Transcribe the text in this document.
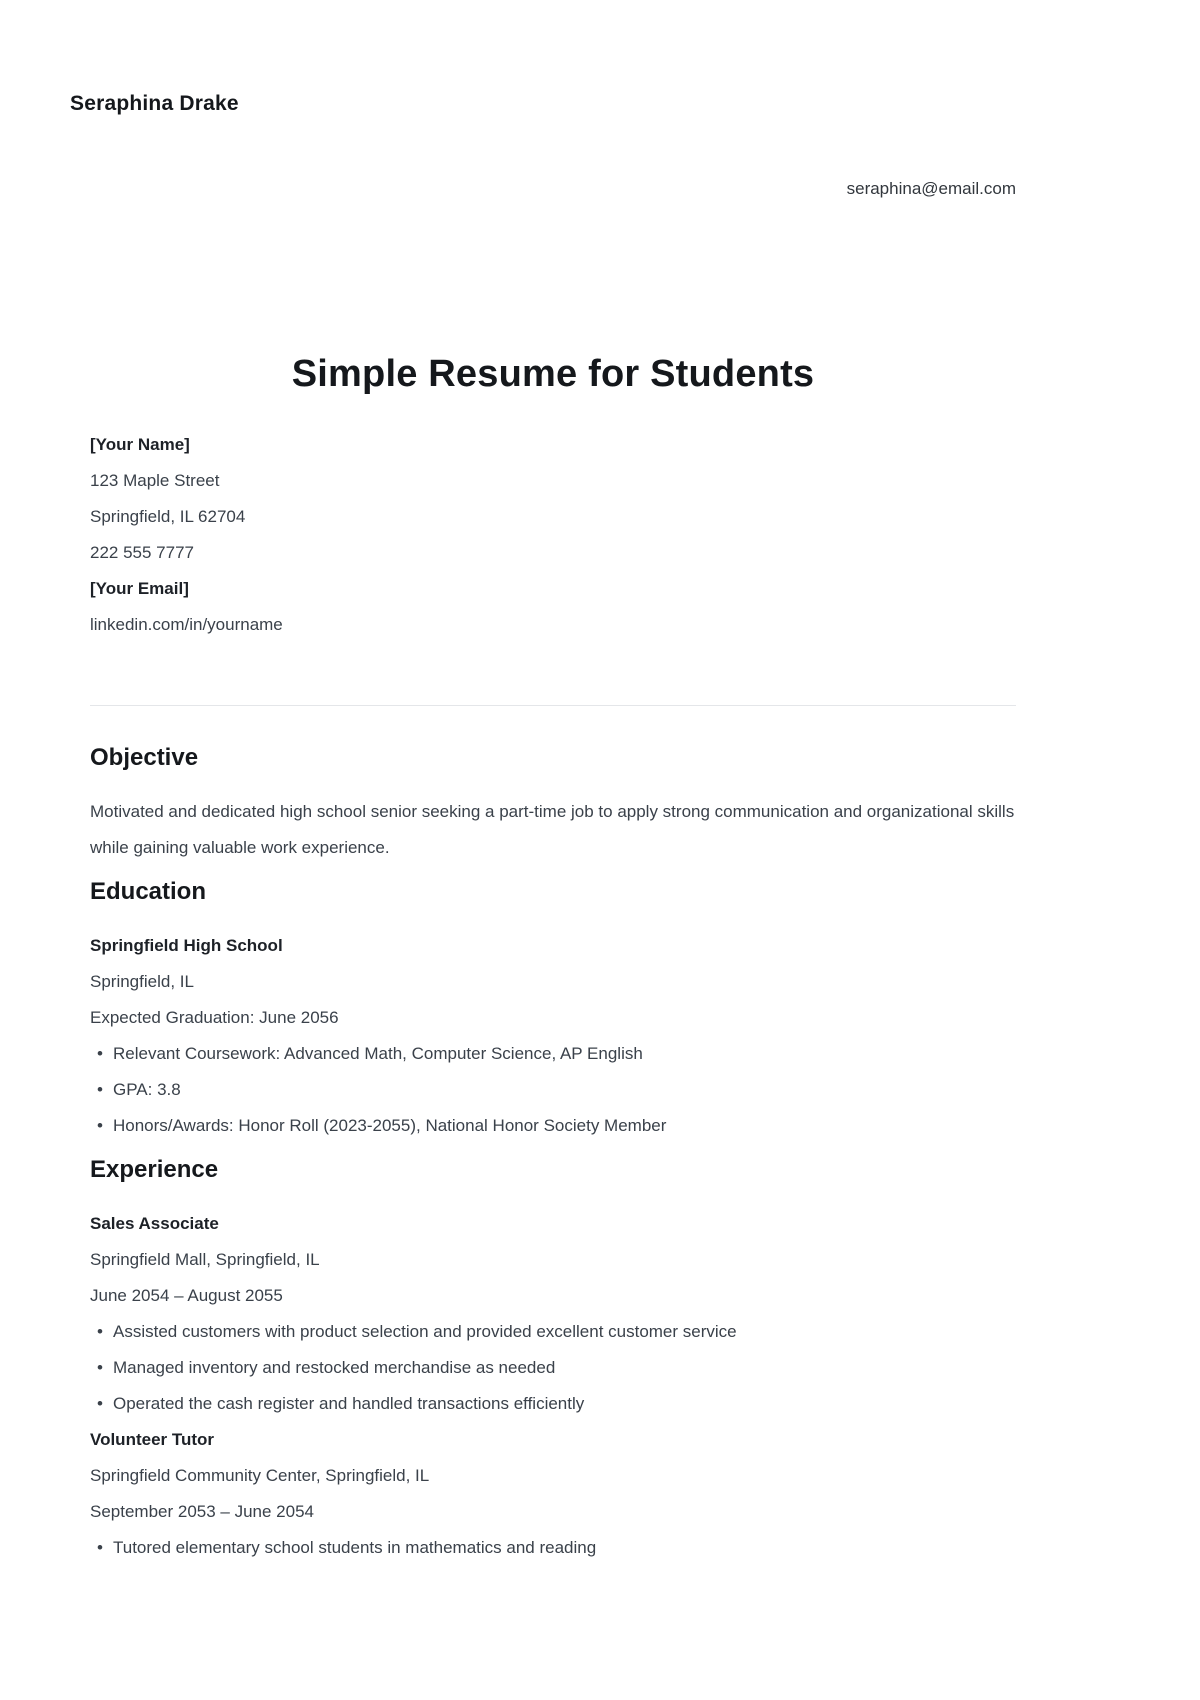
Seraphina Drake
seraphina@email.com
Simple Resume for Students

[Your Name]

123 Maple Street

Springfield, IL 62704

222 555 7777

[Your Email]

linkedin.com/in/yourname

Objective

Motivated and dedicated high school senior seeking a part-time job to apply strong communication and organizational skills while gaining valuable work experience.

Education

Springfield High School

Springfield, IL

Expected Graduation: June 2056

• Relevant Coursework: Advanced Math, Computer Science, AP English
• GPA: 3.8
• Honors/Awards: Honor Roll (2023-2055), National Honor Society Member
Experience

Sales Associate

Springfield Mall, Springfield, IL

June 2054 – August 2055

• Assisted customers with product selection and provided excellent customer service
• Managed inventory and restocked merchandise as needed
• Operated the cash register and handled transactions efficiently

Volunteer Tutor

Springfield Community Center, Springfield, IL

September 2053 – June 2054

• Tutored elementary school students in mathematics and reading
